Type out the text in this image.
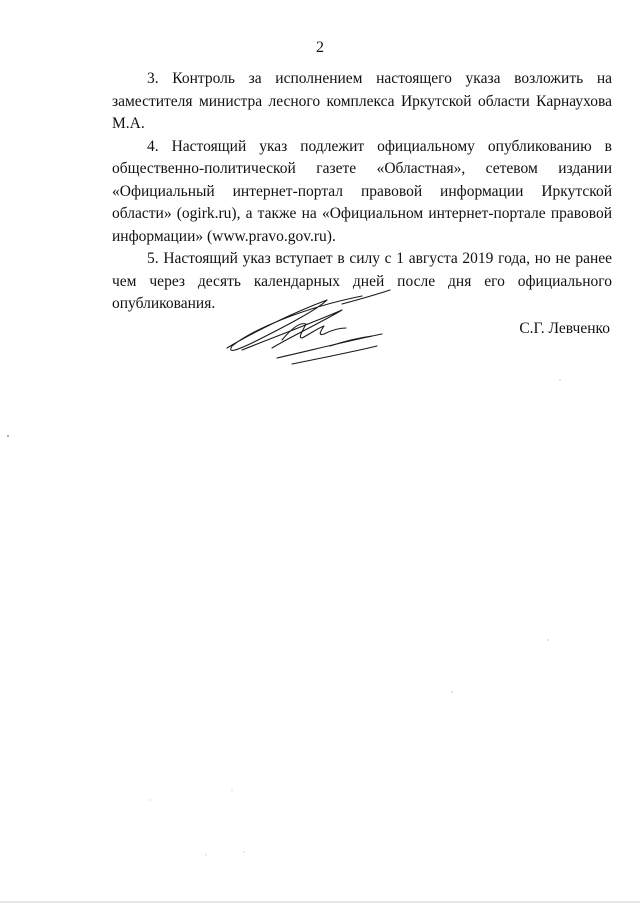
2

3. Контроль за исполнением настоящего указа возложить на заместителя министра лесного комплекса Иркутской области Карнаухова М.А.

4. Настоящий указ подлежит официальному опубликованию в общественно-политической газете «Областная», сетевом издании «Официальный интернет-портал правовой информации Иркутской области» (ogirk.ru), а также на «Официальном интернет-портале правовой информации» (www.pravo.gov.ru).

5. Настоящий указ вступает в силу с 1 августа 2019 года, но не ранее чем через десять календарных дней после дня его официального опубликования.

С.Г. Левченко
